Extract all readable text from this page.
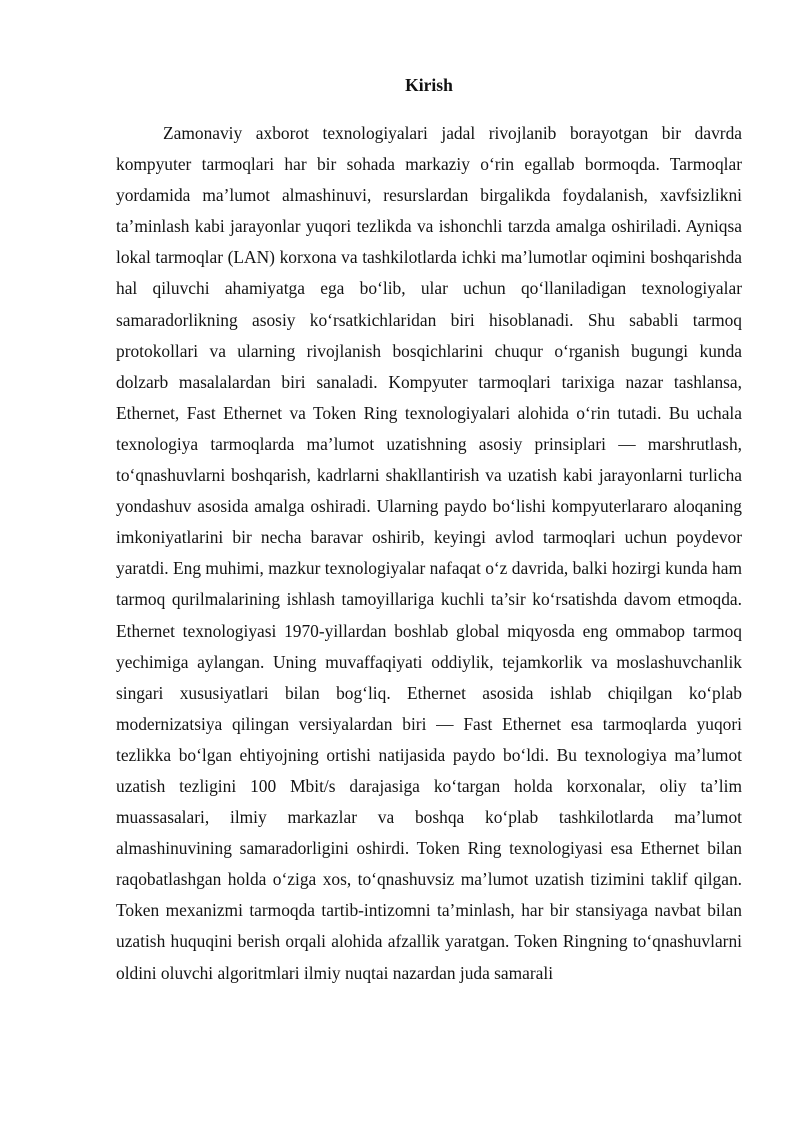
Kirish

Zamonaviy axborot texnologiyalari jadal rivojlanib borayotgan bir davrda kompyuter tarmoqlari har bir sohada markaziy o‘rin egallab bormoqda. Tarmoqlar yordamida ma’lumot almashinuvi, resurslardan birgalikda foydalanish, xavfsizlikni ta’minlash kabi jarayonlar yuqori tezlikda va ishonchli tarzda amalga oshiriladi. Ayniqsa lokal tarmoqlar (LAN) korxona va tashkilotlarda ichki ma’lumotlar oqimini boshqarishda hal qiluvchi ahamiyatga ega bo‘lib, ular uchun qo‘llaniladigan texnologiyalar samaradorlikning asosiy ko‘rsatkichlaridan biri hisoblanadi. Shu sababli tarmoq protokollari va ularning rivojlanish bosqichlarini chuqur o‘rganish bugungi kunda dolzarb masalalardan biri sanaladi. Kompyuter tarmoqlari tarixiga nazar tashlansa, Ethernet, Fast Ethernet va Token Ring texnologiyalari alohida o‘rin tutadi. Bu uchala texnologiya tarmoqlarda ma’lumot uzatishning asosiy prinsiplari — marshrutlash, to‘qnashuvlarni boshqarish, kadrlarni shakllantirish va uzatish kabi jarayonlarni turlicha yondashuv asosida amalga oshiradi. Ularning paydo bo‘lishi kompyuterlararo aloqaning imkoniyatlarini bir necha baravar oshirib, keyingi avlod tarmoqlari uchun poydevor yaratdi. Eng muhimi, mazkur texnologiyalar nafaqat o‘z davrida, balki hozirgi kunda ham tarmoq qurilmalarining ishlash tamoyillariga kuchli ta’sir ko‘rsatishda davom etmoqda. Ethernet texnologiyasi 1970-yillardan boshlab global miqyosda eng ommabop tarmoq yechimiga aylangan. Uning muvaffaqiyati oddiylik, tejamkorlik va moslashuvchanlik singari xususiyatlari bilan bog‘liq. Ethernet asosida ishlab chiqilgan ko‘plab modernizatsiya qilingan versiyalardan biri — Fast Ethernet esa tarmoqlarda yuqori tezlikka bo‘lgan ehtiyojning ortishi natijasida paydo bo‘ldi. Bu texnologiya ma’lumot uzatish tezligini 100 Mbit/s darajasiga ko‘targan holda korxonalar, oliy ta’lim muassasalari, ilmiy markazlar va boshqa ko‘plab tashkilotlarda ma’lumot almashinuvining samaradorligini oshirdi. Token Ring texnologiyasi esa Ethernet bilan raqobatlashgan holda o‘ziga xos, to‘qnashuvsiz ma’lumot uzatish tizimini taklif qilgan. Token mexanizmi tarmoqda tartib-intizomni ta’minlash, har bir stansiyaga navbat bilan uzatish huquqini berish orqali alohida afzallik yaratgan. Token Ringning to‘qnashuvlarni oldini oluvchi algoritmlari ilmiy nuqtai nazardan juda samarali
